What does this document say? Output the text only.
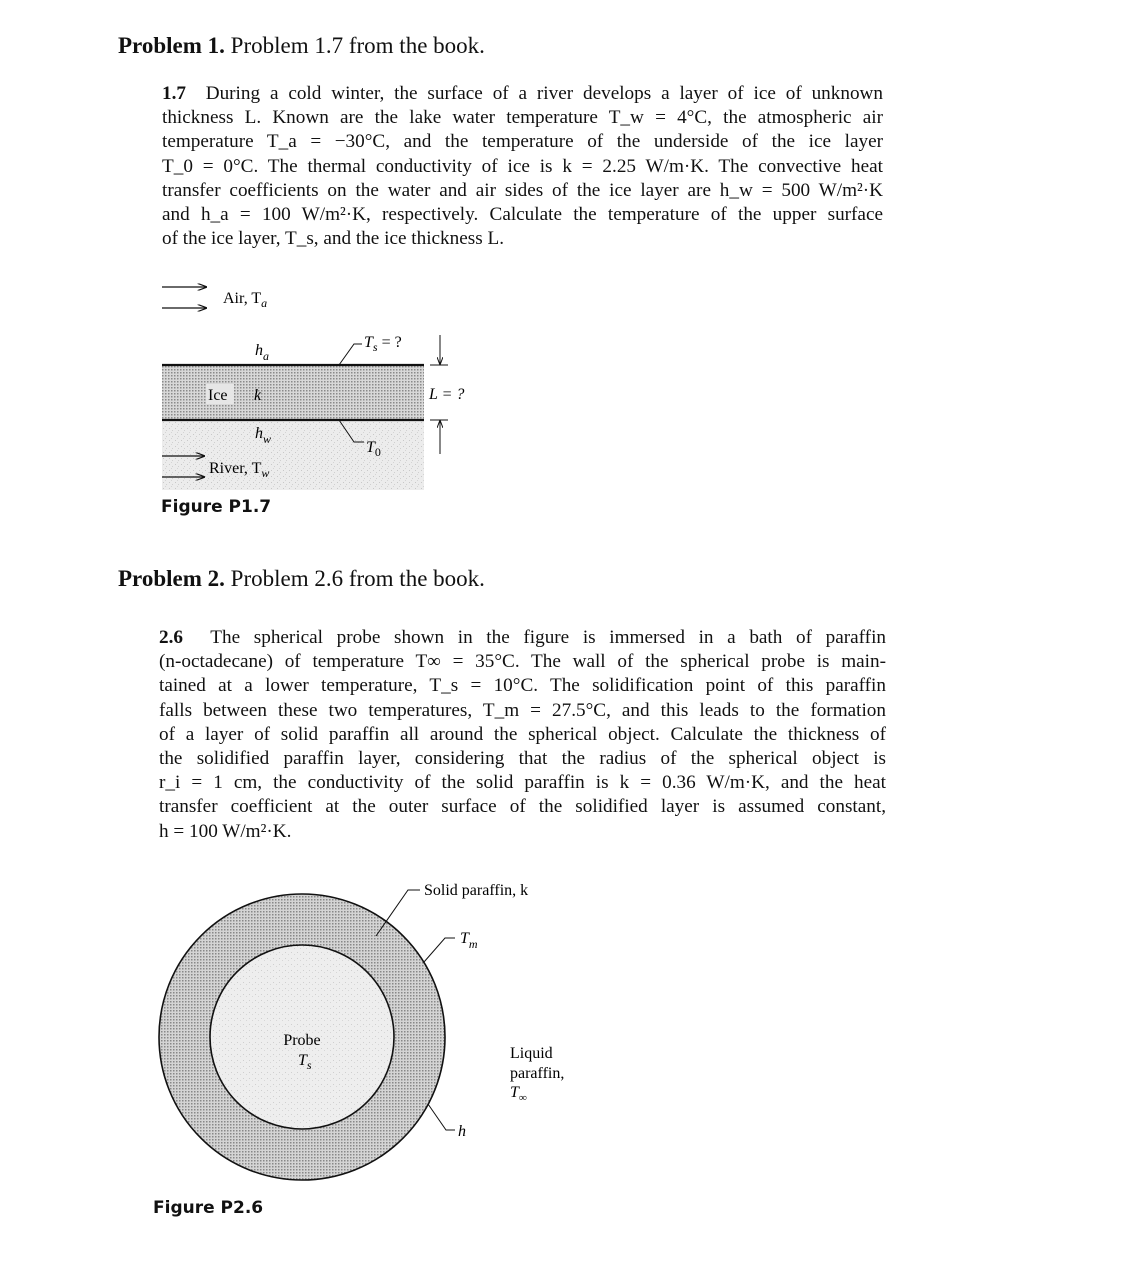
Problem 1. Problem 1.7 from the book.
1.7 During a cold winter, the surface of a river develops a layer of ice of unknown
thickness L. Known are the lake water temperature T_w = 4°C, the atmospheric air
temperature T_a = −30°C, and the temperature of the underside of the ice layer
T_0 = 0°C. The thermal conductivity of ice is k = 2.25 W/m·K. The convective heat
transfer coefficients on the water and air sides of the ice layer are h_w = 500 W/m²·K
and h_a = 100 W/m²·K, respectively. Calculate the temperature of the upper surface
of the ice layer, T_s, and the ice thickness L.
Air, $T_a$
Ice k
$h_a$
$h_w$
$T_s$ = ?
$T_0$
L = ?
River, $T_w$
Figure P1.7
Problem 2. Problem 2.6 from the book.
2.6 The spherical probe shown in the figure is immersed in a bath of paraffin
(n-octadecane) of temperature T∞ = 35°C. The wall of the spherical probe is main-
tained at a lower temperature, T_s = 10°C. The solidification point of this paraffin
falls between these two temperatures, T_m = 27.5°C, and this leads to the formation
of a layer of solid paraffin all around the spherical object. Calculate the thickness of
the solidified paraffin layer, considering that the radius of the spherical object is
r_i = 1 cm, the conductivity of the solid paraffin is k = 0.36 W/m·K, and the heat
transfer coefficient at the outer surface of the solidified layer is assumed constant,
h = 100 W/m²·K.
Probe
$T_s$
Solid paraffin, k
$T_m$
h
Liquid
paraffin,
$T_\infty$
Figure P2.6
